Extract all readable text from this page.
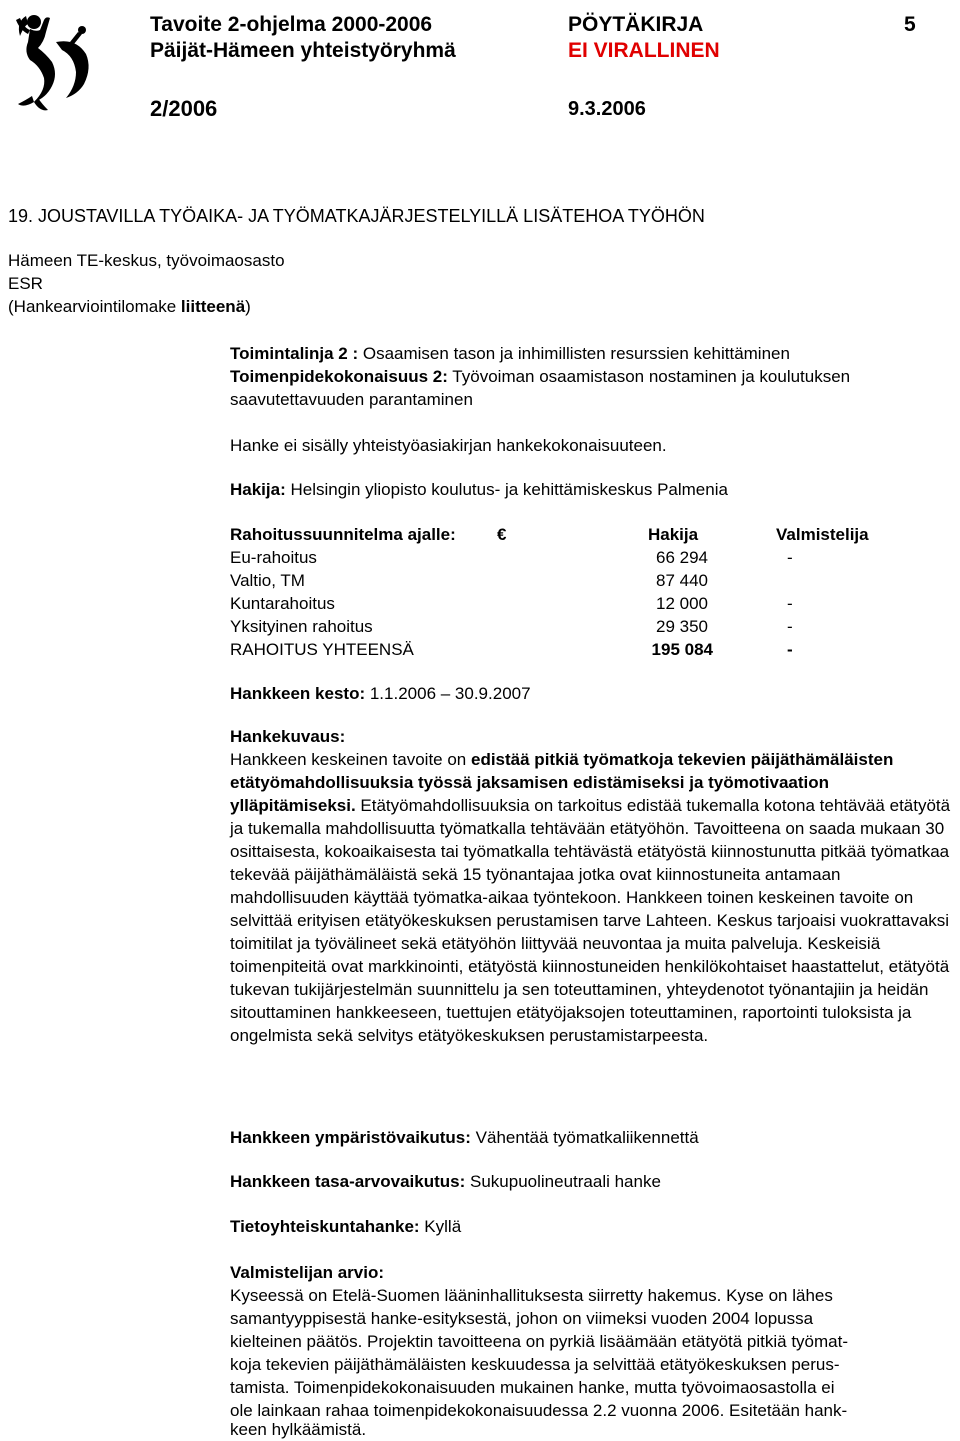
Tavoite 2-ohjelma 2000-2006	PÖYTÄKIRJA	5
Päijät-Hämeen yhteistyöryhmä	EI VIRALLINEN
2/2006	9.3.2006
19. JOUSTAVILLA TYÖAIKA- JA TYÖMATKAJÄRJESTELYILLÄ LISÄTEHOA TYÖHÖN
Hämeen TE-keskus, työvoimaosasto
ESR
(Hankearviointilomake liitteenä)
Toimintalinja 2 : Osaamisen tason ja inhimillisten resurssien kehittäminen
Toimenpidekokonaisuus 2: Työvoiman osaamistason nostaminen ja koulutuksen
saavutettavuuden parantaminen
Hanke ei sisälly yhteistyöasiakirjan hankekokonaisuuteen.
Hakija: Helsingin yliopisto koulutus- ja kehittämiskeskus Palmenia
Rahoitussuunnitelma ajalle: €	Hakija	Valmistelija
Eu-rahoitus	66 294	-
Valtio, TM	87 440
Kuntarahoitus	12 000	-
Yksityinen rahoitus	29 350	-
RAHOITUS YHTEENSÄ	195 084	-
Hankkeen kesto: 1.1.2006 – 30.9.2007
Hankekuvaus:

Hankkeen keskeinen tavoite on edistää pitkiä työmatkoja tekevien päijäthämäläisten etätyömahdollisuuksia työssä jaksamisen edistämiseksi ja työmotivaation ylläpitämiseksi. Etätyömahdollisuuksia on tarkoitus edistää tukemalla kotona tehtävää etätyötä ja tukemalla mahdollisuutta työmatkalla tehtävään etätyöhön. Tavoitteena on saada mukaan 30 osittaisesta, kokoaikaisesta tai työmatkalla tehtävästä etätyöstä kiinnostunutta pitkää työmatkaa tekevää päijäthämäläistä sekä 15 työnantajaa jotka ovat kiinnostuneita antamaan mahdollisuuden käyttää työmatka-aikaa työntekoon. Hankkeen toinen keskeinen tavoite on selvittää erityisen etätyökeskuksen perustamisen tarve Lahteen. Keskus tarjoaisi vuokrattavaksi toimitilat ja työvälineet sekä etätyöhön liittyvää neuvontaa ja muita palveluja. Keskeisiä toimenpiteitä ovat markkinointi, etätyöstä kiinnostuneiden henkilökohtaiset haastattelut, etätyötä tukevan tukijärjestelmän suunnittelu ja sen toteuttaminen, yhteydenotot työnantajiin ja heidän sitouttaminen hankkeeseen, tuettujen etätyöjaksojen toteuttaminen, raportointi tuloksista ja ongelmista sekä selvitys etätyökeskuksen perustamistarpeesta.

Hankkeen ympäristövaikutus: Vähentää työmatkaliikennettä
Hankkeen tasa-arvovaikutus: Sukupuolineutraali hanke
Tietoyhteiskuntahanke: Kyllä
Valmistelijan arvio:
Kyseessä on Etelä-Suomen lääninhallituksesta siirretty hakemus. Kyse on lähes
samantyyppisestä hanke-esityksestä, johon on viimeksi vuoden 2004 lopussa
kielteinen päätös. Projektin tavoitteena on pyrkiä lisäämään etätyötä pitkiä työmat-
koja tekevien päijäthämäläisten keskuudessa ja selvittää etätyökeskuksen perus-
tamista. Toimenpidekokonaisuuden mukainen hanke, mutta työvoimaosastolla ei
ole lainkaan rahaa toimenpidekokonaisuudessa 2.2 vuonna 2006. Esitetään hank-
keen hylkäämistä.
